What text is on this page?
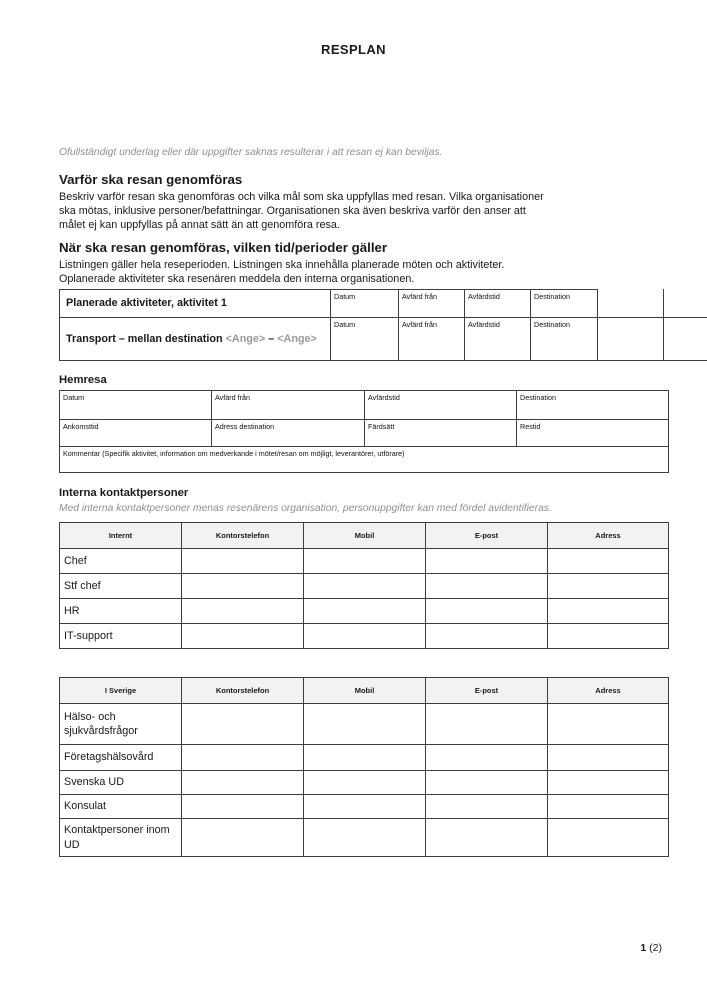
RESPLAN
Ofullständigt underlag eller där uppgifter saknas resulterar i att resan ej kan beviljas.
Varför ska resan genomföras
Beskriv varför resan ska genomföras och vilka mål som ska uppfyllas med resan. Vilka organisationer
ska mötas, inklusive personer/befattningar. Organisationen ska även beskriva varför den anser att
målet ej kan uppfyllas på annat sätt än att genomföra resa.
När ska resan genomföras, vilken tid/perioder gäller
Listningen gäller hela reseperioden. Listningen ska innehålla planerade möten och aktiviteter.
Oplanerade aktiviteter ska resenären meddela den interna organisationen.
Planerade aktiviteter, aktivitet 1
Datum	Avfärd från	Avfärdstid	Destination
Transport – mellan destination <Ange> – <Ange>
Datum	Avfärd från	Avfärdstid	Destination
Hemresa
Datum	Avfärd från	Avfärdstid	Destination
Ankomsttid	Adress destination	Färdsätt	Restid
Kommentar (Specifik aktivitet, information om medverkande i mötet/resan om möjligt, leverantörer, utförare)
Interna kontaktpersoner
Med interna kontaktpersoner menas resenärens organisation, personuppgifter kan med fördel avidentifieras.
Internt	Kontorstelefon	Mobil	E-post	Adress
Chef
Stf chef
HR
IT-support
I Sverige	Kontorstelefon	Mobil	E-post	Adress
Hälso- och sjukvårdsfrågor
Företagshälsovård
Svenska UD
Konsulat
Kontaktpersoner inom UD
1 (2)
